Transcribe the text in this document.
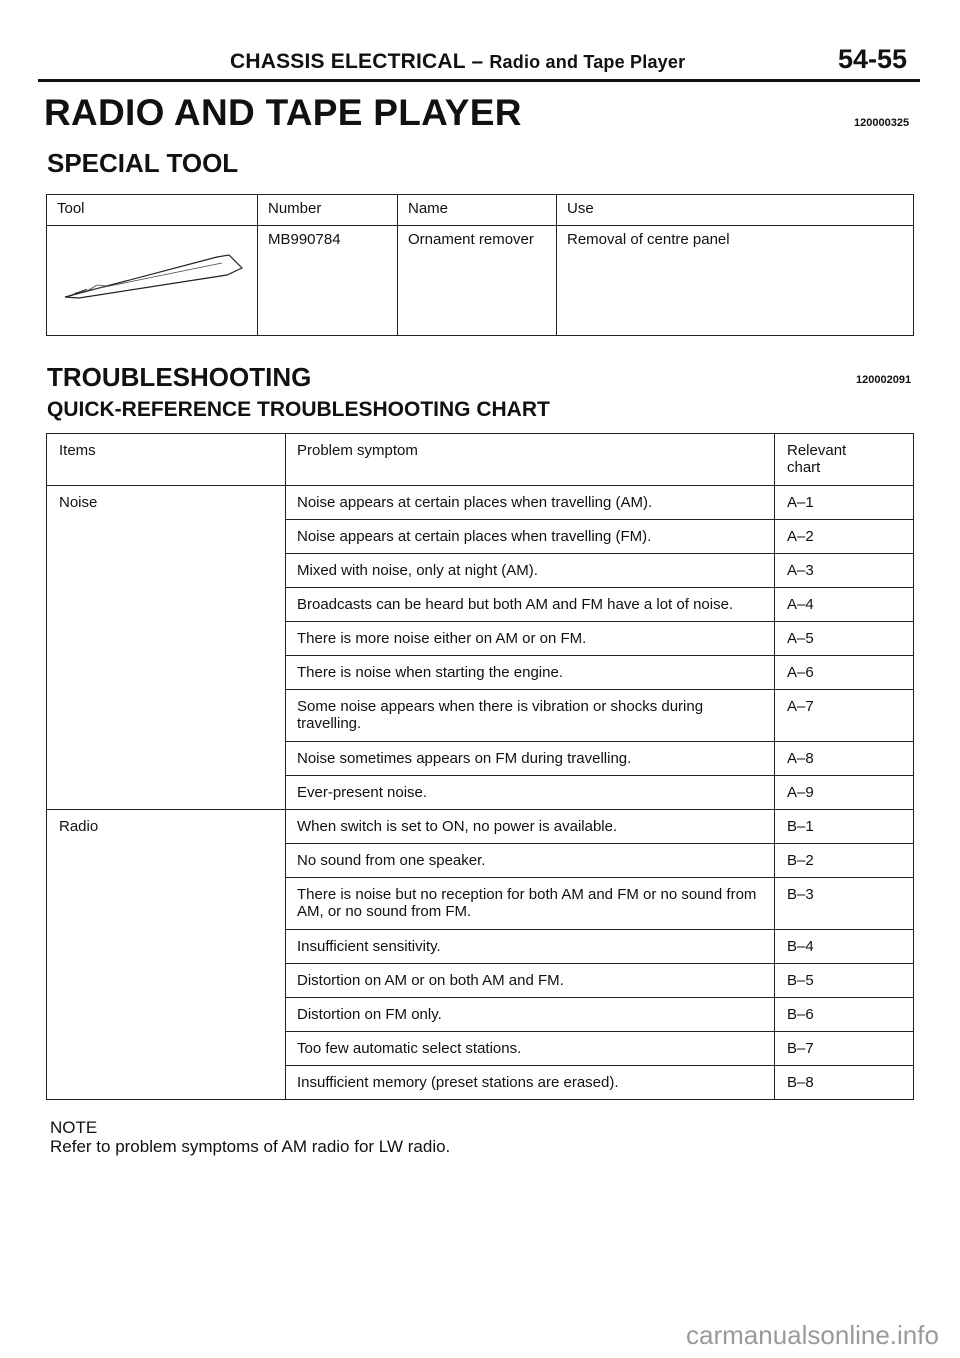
CHASSIS ELECTRICAL – Radio and Tape Player	54-55
RADIO AND TAPE PLAYER	120000325
SPECIAL TOOL
Tool	Number	Name	Use
	MB990784	Ornament remover	Removal of centre panel
TROUBLESHOOTING	120002091
QUICK-REFERENCE TROUBLESHOOTING CHART
Items	Problem symptom	Relevant chart
Noise	Noise appears at certain places when travelling (AM).	A–1
	Noise appears at certain places when travelling (FM).	A–2
	Mixed with noise, only at night (AM).	A–3
	Broadcasts can be heard but both AM and FM have a lot of noise.	A–4
	There is more noise either on AM or on FM.	A–5
	There is noise when starting the engine.	A–6
	Some noise appears when there is vibration or shocks during travelling.	A–7
	Noise sometimes appears on FM during travelling.	A–8
	Ever-present noise.	A–9
Radio	When switch is set to ON, no power is available.	B–1
	No sound from one speaker.	B–2
	There is noise but no reception for both AM and FM or no sound from AM, or no sound from FM.	B–3
	Insufficient sensitivity.	B–4
	Distortion on AM or on both AM and FM.	B–5
	Distortion on FM only.	B–6
	Too few automatic select stations.	B–7
	Insufficient memory (preset stations are erased).	B–8
NOTE
Refer to problem symptoms of AM radio for LW radio.
carmanualsonline.info
